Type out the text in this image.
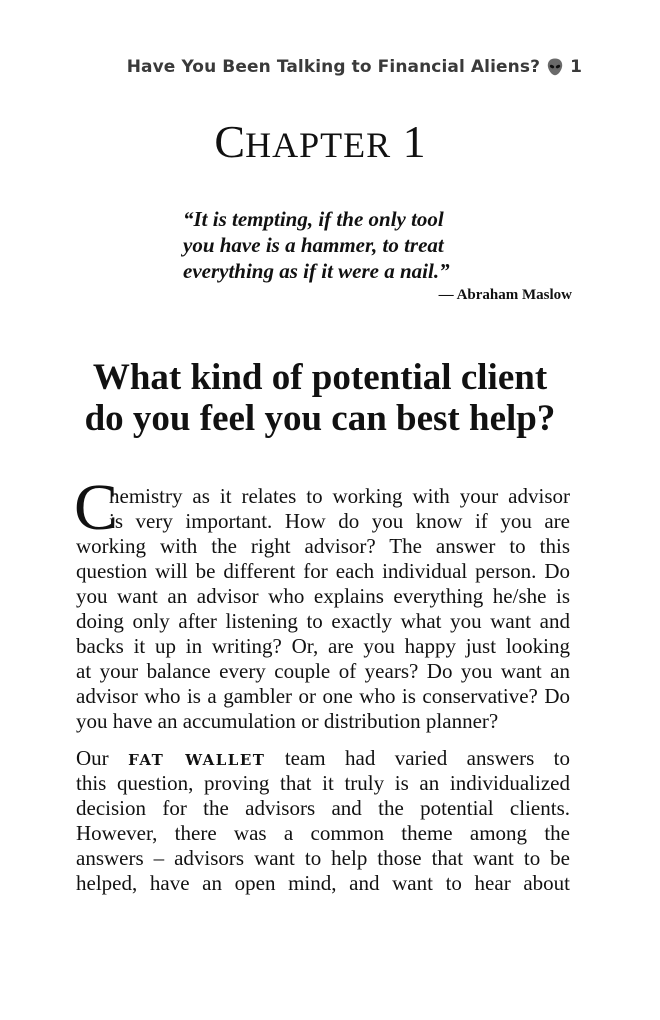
Have You Been Talking to Financial Aliens? 1
CHAPTER 1
“It is tempting, if the only tool
you have is a hammer, to treat
everything as if it were a nail.”
— Abraham Maslow
What kind of potential client
do you feel you can best help?
C
hemistry as it relates to working with your advisor
is very important. How do you know if you are
working with the right advisor? The answer to this
question will be different for each individual person. Do
you want an advisor who explains everything he/she is
doing only after listening to exactly what you want and
backs it up in writing? Or, are you happy just looking
at your balance every couple of years? Do you want an
advisor who is a gambler or one who is conservative? Do
you have an accumulation or distribution planner?
Our FAT WALLET team had varied answers to
this question, proving that it truly is an individualized
decision for the advisors and the potential clients.
However, there was a common theme among the
answers – advisors want to help those that want to be
helped, have an open mind, and want to hear about
